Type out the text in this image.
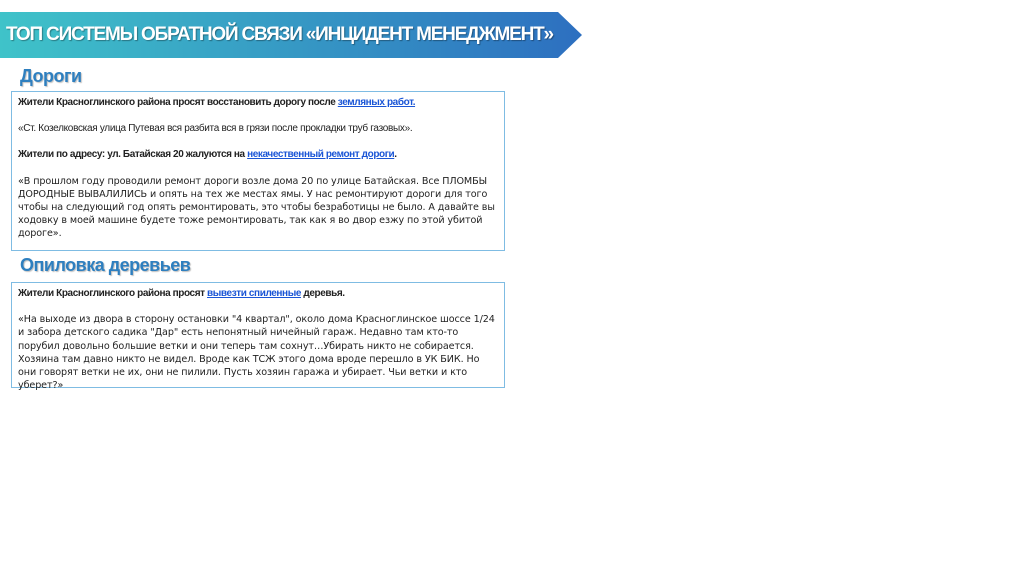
ТОП СИСТЕМЫ ОБРАТНОЙ СВЯЗИ «ИНЦИДЕНТ МЕНЕДЖМЕНТ»
Дороги

Жители Красноглинского района просят восстановить дорогу после земляных работ.

«Ст. Козелковская улица Путевая вся разбита вся в грязи после прокладки труб газовых».

Жители по адресу: ул. Батайская 20 жалуются на некачественный ремонт дороги.

«В прошлом году проводили ремонт дороги возле дома 20 по улице Батайская. Все ПЛОМБЫ ДОРОДНЫЕ ВЫВАЛИЛИСЬ и опять на тех же местах ямы. У нас ремонтируют дороги для того чтобы на следующий год опять ремонтировать, это чтобы безработицы не было. А давайте вы ходовку в моей машине будете тоже ремонтировать, так как я во двор езжу по этой убитой дороге».

Опиловка деревьев

Жители Красноглинского района просят вывезти спиленные деревья.

«На выходе из двора в сторону остановки "4 квартал", около дома Красноглинское шоссе 1/24 и забора детского садика "Дар" есть непонятный ничейный гараж. Недавно там кто-то порубил довольно большие ветки и они теперь там сохнут…Убирать никто не собирается. Хозяина там давно никто не видел. Вроде как ТСЖ этого дома вроде перешло в УК БИК. Но они говорят ветки не их, они не пилили. Пусть хозяин гаража и убирает. Чьи ветки и кто уберет?»
